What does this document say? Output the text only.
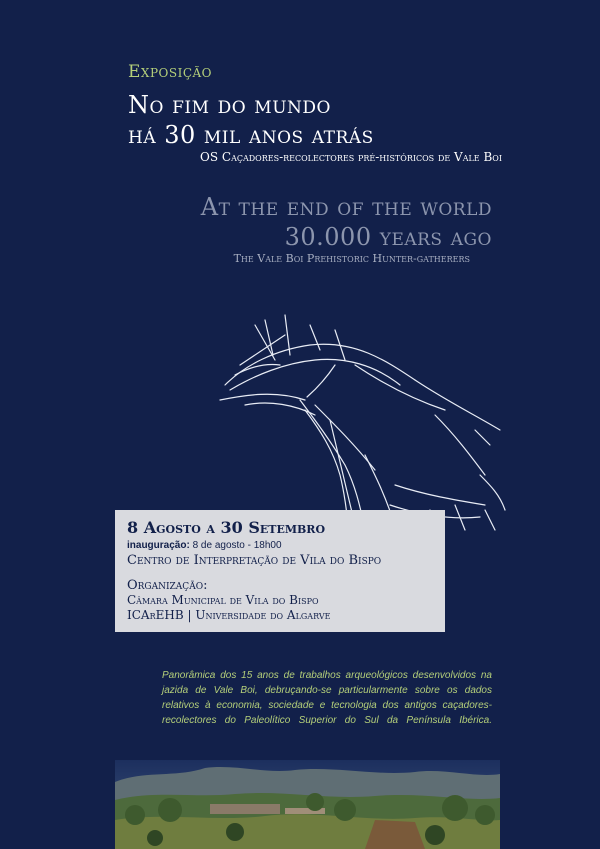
Exposição
No fim do mundo
há 30 mil anos atrás
OS Caçadores-recolectores pré-históricos de Vale Boi
At the end of the world
30.000 years ago
The Vale Boi Prehistoric Hunter-gatherers
8 Agosto a 30 Setembro
inauguração: 8 de agosto - 18h00
Centro de Interpretação de Vila do Bispo
Organização:
Câmara Municipal de Vila do Bispo
ICArEHB | Universidade do Algarve
Panorâmica dos 15 anos de trabalhos arqueológicos desenvolvidos na jazida de Vale Boi, debruçando-se particularmente sobre os dados relativos à economia, sociedade e tecnologia dos antigos caçadores-recolectores do Paleolítico Superior do Sul da Península Ibérica.
